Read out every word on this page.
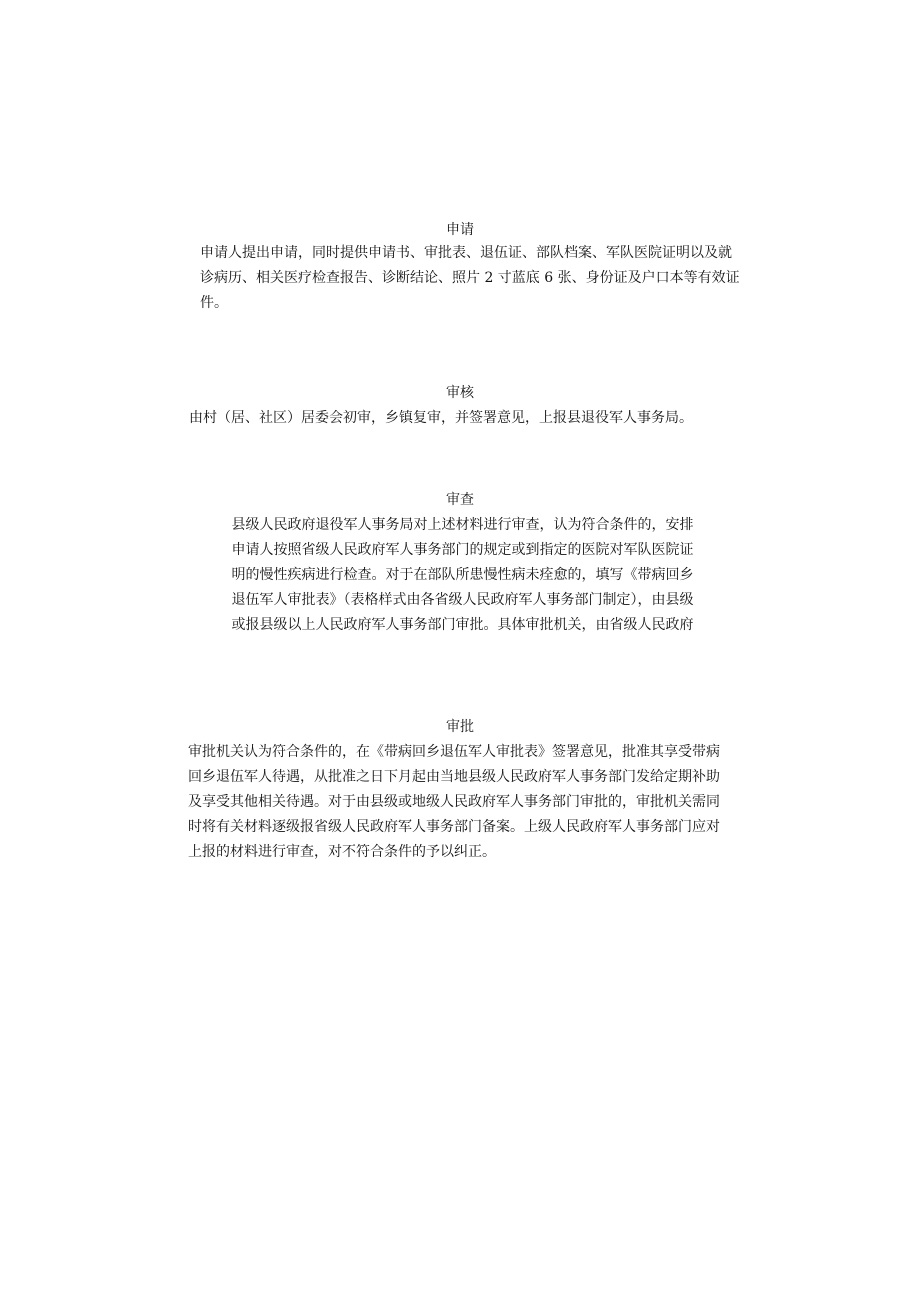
申请
申请人提出申请，同时提供申请书、审批表、退伍证、部队档案、军队医院证明以及就
诊病历、相关医疗检查报告、诊断结论、照片 2 寸蓝底 6 张、身份证及户口本等有效证
件。
审核
由村（居、社区）居委会初审，乡镇复审，并签署意见，上报县退役军人事务局。
审查
县级人民政府退役军人事务局对上述材料进行审查，认为符合条件的，安排
申请人按照省级人民政府军人事务部门的规定或到指定的医院对军队医院证
明的慢性疾病进行检查。对于在部队所患慢性病未痊愈的，填写《带病回乡
退伍军人审批表》（表格样式由各省级人民政府军人事务部门制定），由县级
或报县级以上人民政府军人事务部门审批。具体审批机关，由省级人民政府
审批
审批机关认为符合条件的，在《带病回乡退伍军人审批表》签署意见，批准其享受带病
回乡退伍军人待遇，从批准之日下月起由当地县级人民政府军人事务部门发给定期补助
及享受其他相关待遇。对于由县级或地级人民政府军人事务部门审批的，审批机关需同
时将有关材料逐级报省级人民政府军人事务部门备案。上级人民政府军人事务部门应对
上报的材料进行审查，对不符合条件的予以纠正。
